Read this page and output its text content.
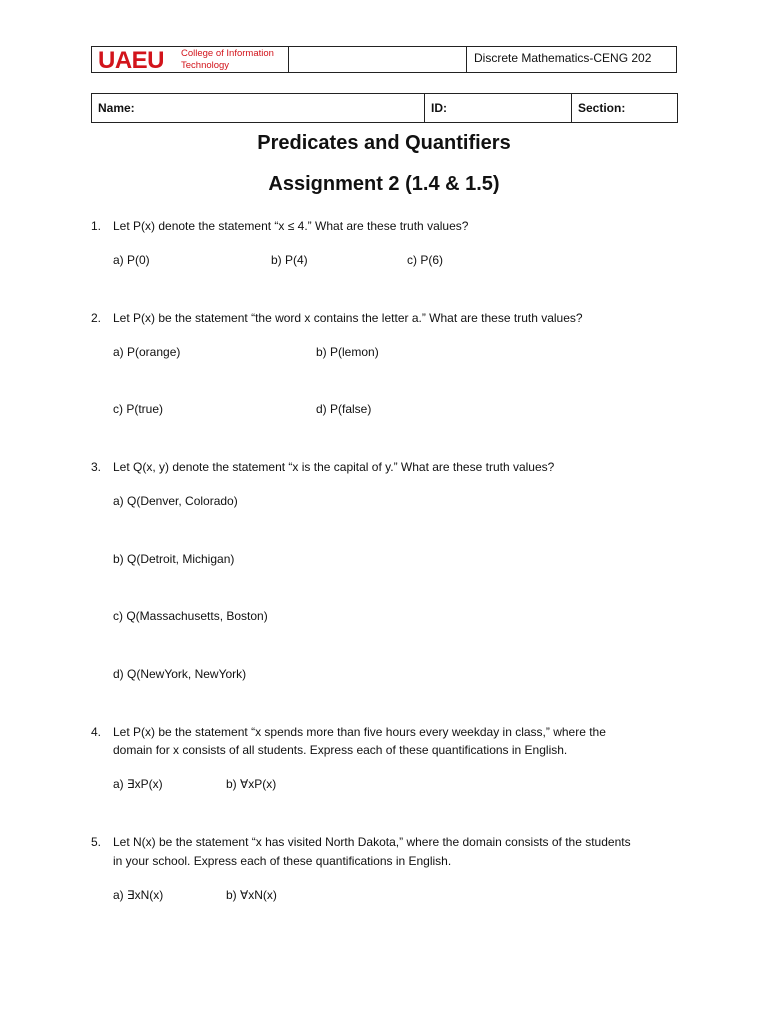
UAEU College of Information
Technology
Discrete Mathematics-CENG 202
Name:	ID:	Section:
Predicates and Quantifiers
Assignment 2 (1.4 & 1.5)
1. Let P(x) denote the statement “x ≤ 4.” What are these truth values?
a) P(0)	b) P(4)	c) P(6)
2. Let P(x) be the statement “the word x contains the letter a.” What are these truth values?
a) P(orange)	b) P(lemon)
c) P(true)	d) P(false)
3. Let Q(x, y) denote the statement “x is the capital of y.” What are these truth values?
a) Q(Denver, Colorado)
b) Q(Detroit, Michigan)
c) Q(Massachusetts, Boston)
d) Q(NewYork, NewYork)
4. Let P(x) be the statement “x spends more than five hours every weekday in class,” where the
domain for x consists of all students. Express each of these quantifications in English.
a) ∃xP(x)	b) ∀xP(x)
5. Let N(x) be the statement “x has visited North Dakota,” where the domain consists of the students
in your school. Express each of these quantifications in English.
a) ∃xN(x)	b) ∀xN(x)
